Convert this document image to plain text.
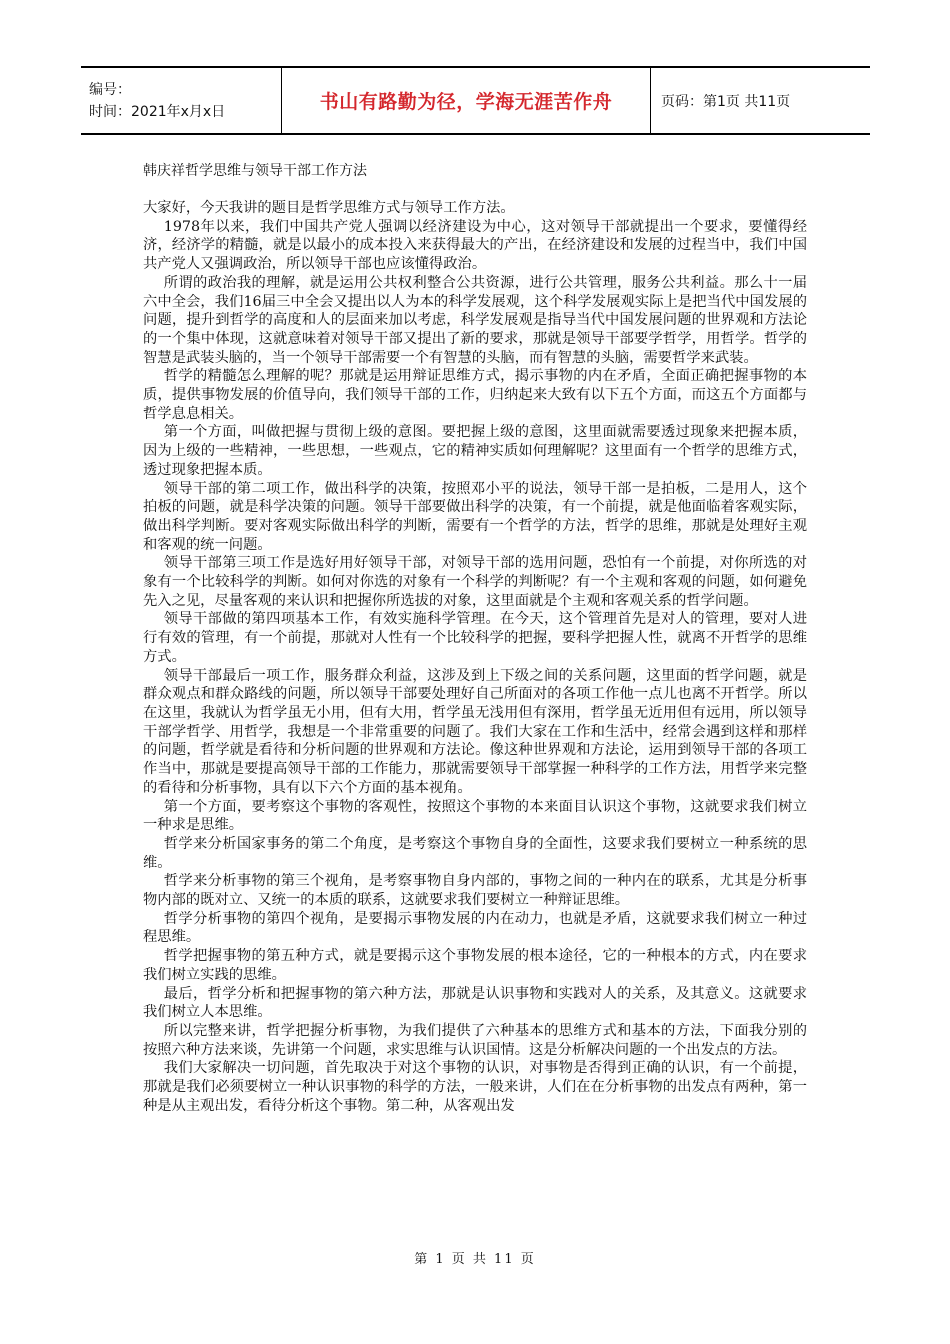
编号：
时间：2021年x月x日	书山有路勤为径，学海无涯苦作舟	页码：第1页 共11页
韩庆祥哲学思维与领导干部工作方法

大家好，今天我讲的题目是哲学思维方式与领导工作方法。

1978年以来，我们中国共产党人强调以经济建设为中心，这对领导干部就提出一个要求，要懂得经济，经济学的精髓，就是以最小的成本投入来获得最大的产出，在经济建设和发展的过程当中，我们中国共产党人又强调政治，所以领导干部也应该懂得政治。

所谓的政治我的理解，就是运用公共权利整合公共资源，进行公共管理，服务公共利益。那么十一届六中全会，我们16届三中全会又提出以人为本的科学发展观，这个科学发展观实际上是把当代中国发展的问题，提升到哲学的高度和人的层面来加以考虑，科学发展观是指导当代中国发展问题的世界观和方法论的一个集中体现，这就意味着对领导干部又提出了新的要求，那就是领导干部要学哲学，用哲学。哲学的智慧是武装头脑的，当一个领导干部需要一个有智慧的头脑，而有智慧的头脑，需要哲学来武装。

哲学的精髓怎么理解的呢？那就是运用辩证思维方式，揭示事物的内在矛盾，全面正确把握事物的本质，提供事物发展的价值导向，我们领导干部的工作，归纳起来大致有以下五个方面，而这五个方面都与哲学息息相关。

第一个方面，叫做把握与贯彻上级的意图。要把握上级的意图，这里面就需要透过现象来把握本质，因为上级的一些精神，一些思想，一些观点，它的精神实质如何理解呢？这里面有一个哲学的思维方式，透过现象把握本质。

领导干部的第二项工作，做出科学的决策，按照邓小平的说法，领导干部一是拍板，二是用人，这个拍板的问题，就是科学决策的问题。领导干部要做出科学的决策，有一个前提，就是他面临着客观实际，做出科学判断。要对客观实际做出科学的判断，需要有一个哲学的方法，哲学的思维，那就是处理好主观和客观的统一问题。

领导干部第三项工作是选好用好领导干部，对领导干部的选用问题，恐怕有一个前提，对你所选的对象有一个比较科学的判断。如何对你选的对象有一个科学的判断呢？有一个主观和客观的问题，如何避免先入之见，尽量客观的来认识和把握你所选拔的对象，这里面就是个主观和客观关系的哲学问题。

领导干部做的第四项基本工作，有效实施科学管理。在今天，这个管理首先是对人的管理，要对人进行有效的管理，有一个前提，那就对人性有一个比较科学的把握，要科学把握人性，就离不开哲学的思维方式。

领导干部最后一项工作，服务群众利益，这涉及到上下级之间的关系问题，这里面的哲学问题，就是群众观点和群众路线的问题，所以领导干部要处理好自己所面对的各项工作他一点儿也离不开哲学。所以在这里，我就认为哲学虽无小用，但有大用，哲学虽无浅用但有深用，哲学虽无近用但有远用，所以领导干部学哲学、用哲学，我想是一个非常重要的问题了。我们大家在工作和生活中，经常会遇到这样和那样的问题，哲学就是看待和分析问题的世界观和方法论。像这种世界观和方法论，运用到领导干部的各项工作当中，那就是要提高领导干部的工作能力，那就需要领导干部掌握一种科学的工作方法，用哲学来完整的看待和分析事物，具有以下六个方面的基本视角。

第一个方面，要考察这个事物的客观性，按照这个事物的本来面目认识这个事物，这就要求我们树立一种求是思维。

哲学来分析国家事务的第二个角度，是考察这个事物自身的全面性，这要求我们要树立一种系统的思维。

哲学来分析事物的第三个视角，是考察事物自身内部的，事物之间的一种内在的联系，尤其是分析事物内部的既对立、又统一的本质的联系，这就要求我们要树立一种辩证思维。

哲学分析事物的第四个视角，是要揭示事物发展的内在动力，也就是矛盾，这就要求我们树立一种过程思维。

哲学把握事物的第五种方式，就是要揭示这个事物发展的根本途径，它的一种根本的方式，内在要求我们树立实践的思维。

最后，哲学分析和把握事物的第六种方法，那就是认识事物和实践对人的关系，及其意义。这就要求我们树立人本思维。

所以完整来讲，哲学把握分析事物，为我们提供了六种基本的思维方式和基本的方法，下面我分别的按照六种方法来谈，先讲第一个问题，求实思维与认识国情。这是分析解决问题的一个出发点的方法。

我们大家解决一切问题，首先取决于对这个事物的认识，对事物是否得到正确的认识，有一个前提，那就是我们必须要树立一种认识事物的科学的方法，一般来讲，人们在在分析事物的出发点有两种，第一种是从主观出发，看待分析这个事物。第二种，从客观出发

第 1 页 共 11 页
